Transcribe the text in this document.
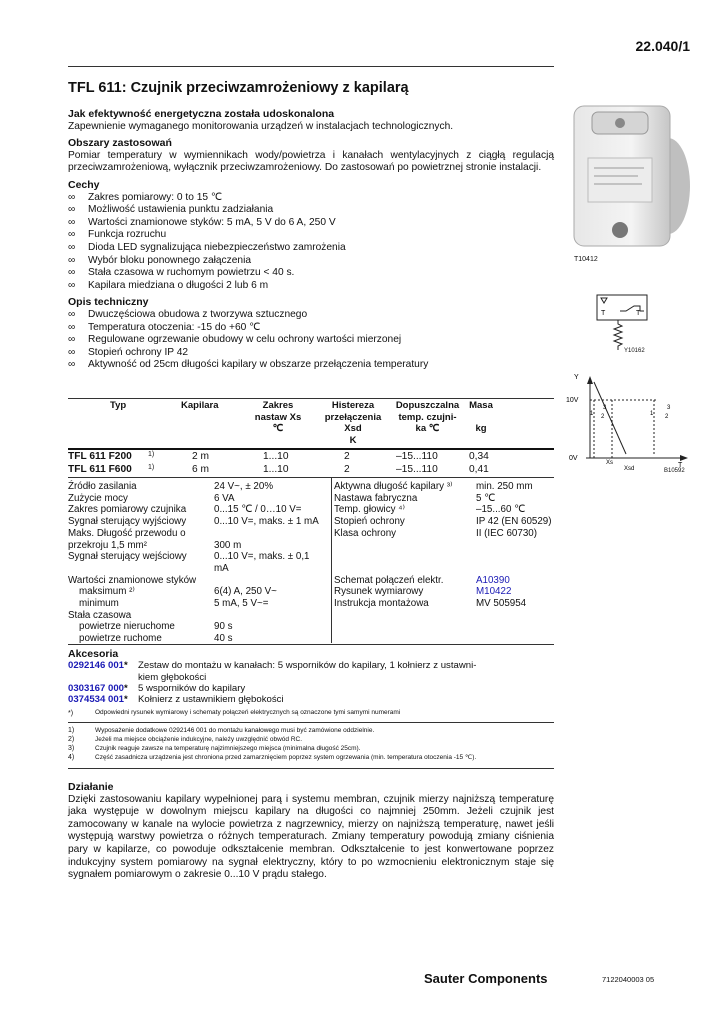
22.040/1
TFL 611: Czujnik przeciwzamrożeniowy z kapilarą
Jak efektywność energetyczna została udoskonalona
Zapewnienie wymaganego monitorowania urządzeń w instalacjach technologicznych.
Obszary zastosowań
Pomiar temperatury w wymiennikach wody/powietrza i kanałach wentylacyjnych z ciągłą regulacją przeciwzamrożeniową, wyłącznik przeciwzamrożeniowy. Do zastosowań po powietrznej stronie instalacji.
Cechy
∞ Zakres pomiarowy: 0 to 15 ℃
∞ Możliwość ustawienia punktu zadziałania
∞ Wartości znamionowe styków: 5 mA, 5 V do 6 A, 250 V
∞ Funkcja rozruchu
∞ Dioda LED sygnalizująca niebezpieczeństwo zamrożenia
∞ Wybór bloku ponownego załączenia
∞ Stała czasowa w ruchomym powietrzu < 40 s.
∞ Kapilara miedziana o długości 2 lub 6 m
Opis techniczny
∞ Dwuczęściowa obudowa z tworzywa sztucznego
∞ Temperatura otoczenia: -15 do +60 ℃
∞ Regulowane ogrzewanie obudowy w celu ochrony wartości mierzonej
∞ Stopień ochrony IP 42
∞ Aktywność od 25cm długości kapilary w obszarze przełączenia temperatury
Typ	Kapilara	Zakres
nastaw Xs
℃
Histereza
przełączenia
Xsd
K
Dopuszczalna
temp. czujni-
ka ℃
Masa
kg
TFL 611 F200 1)	2 m	1...10	2	–15...110	0,34
TFL 611 F600 1)	6 m	1...10	2	–15...110	0,41
Źródło zasilania	24 V~, ± 20%
Zużycie mocy	6 VA
Zakres pomiarowy czujnika	0...15 ℃ / 0…10 V=
Sygnał sterujący wyjściowy	0...10 V=, maks. ± 1 mA
Maks. Długość przewodu o
przekroju 1,5 mm²	300 m
Sygnał sterujący wejściowy	0...10 V=, maks. ± 0,1
mA
Wartości znamionowe styków
maksimum ²⁾	6(4) A, 250 V~
minimum	5 mA, 5 V~=
Stała czasowa
powietrze nieruchome	90 s
powietrze ruchome	40 s
Aktywna długość kapilary ³⁾	min. 250 mm
Nastawa fabryczna	5 ℃
Temp. głowicy ⁴⁾	–15...60 ℃
Stopień ochrony	IP 42 (EN 60529)
Klasa ochrony	II (IEC 60730)
Schemat połączeń elektr.	A10390
Rysunek wymiarowy	M10422
Instrukcja montażowa	MV 505954
Akcesoria
0292146 001*	Zestaw do montażu w kanałach: 5 wsporników do kapilary, 1 kołnierz z ustawni-
kiem głębokości
0303167 000*	5 wsporników do kapilary
0374534 001*	Kołnierz z ustawnikiem głębokości
*)	Odpowiedni rysunek wymiarowy i schematy połączeń elektrycznych są oznaczone tymi samymi numerami
1)	Wyposażenie dodatkowe 0292146 001 do montażu kanałowego musi być zamówione oddzielnie.
2)	Jeżeli ma miejsce obciążenie indukcyjne, należy uwzględnić obwód RC.
3)	Czujnik reaguje zawsze na temperaturę najzimniejszego miejsca (minimalna długość 25cm).
4)	Część zasadnicza urządzenia jest chroniona przed zamarznięciem poprzez system ogrzewania (min. temperatura otoczenia -15 ℃).
Działanie
Dzięki zastosowaniu kapilary wypełnionej parą i systemu membran, czujnik mierzy najniższą temperaturę jaka występuje w dowolnym miejscu kapilary na długości co najmniej 250mm. Jeżeli czujnik jest zamocowany w kanale na wylocie powietrza z nagrzewnicy, mierzy on najniższą temperaturę, nawet jeśli występują warstwy powietrza o różnych temperaturach. Zmiany temperatury powodują zmiany ciśnienia pary w kapilarze, co powoduje odkształcenie membran. Odkształcenie to jest konwertowane poprzez indukcyjny system pomiarowy na sygnał elektryczny, który to po wzmocnieniu elektronicznym staje się sygnałem pomiarowym o zakresie 0...10 V prądu stałego.
Sauter Components	7122040003 05
T10412
T	T
Y10162
Y
10V
0V
T
Xs
Xsd
1 2
3
1 2
3
B10592
